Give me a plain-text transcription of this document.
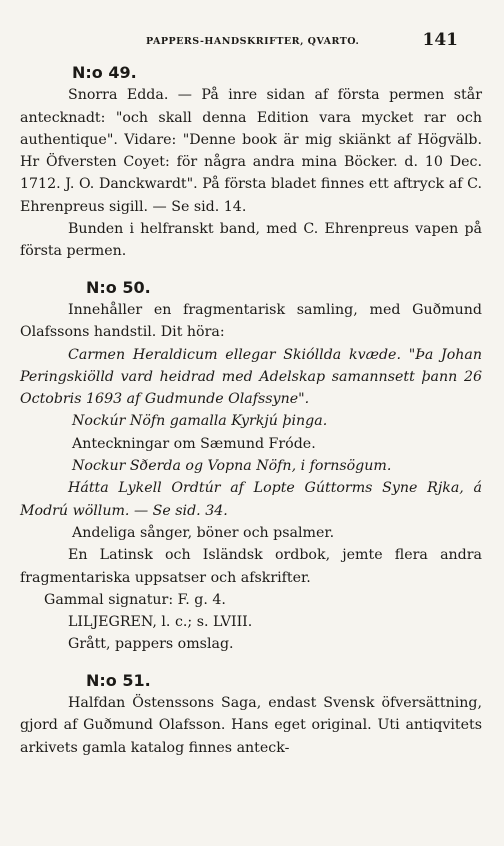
PAPPERS-HANDSKRIFTER, QVARTO.	141
N:o 49.

Snorra Edda. — På inre sidan af första permen står antecknadt: "och skall denna Edition vara mycket rar och authentique". Vidare: "Denne book är mig skiänkt af Högvälb. Hr Öfversten Coyet: för några andra mina Böcker. d. 10 Dec. 1712. J. O. Danckwardt". På första bladet finnes ett aftryck af C. Ehrenpreus sigill. — Se sid. 14.

Bunden i helfranskt band, med C. Ehrenpreus vapen på första permen.

N:o 50.

Innehåller en fragmentarisk samling, med Guðmund Olafssons handstil. Dit höra:

Carmen Heraldicum ellegar Skióllda kvæde. "Þa Johan Peringskiölld vard heidrad med Adelskap samannsett þann 26 Octobris 1693 af Gudmunde Olafssyne".

Nockúr Nöfn gamalla Kyrkjú þinga.

Anteckningar om Sæmund Fróde.

Nockur Sðerda og Vopna Nöfn, i fornsögum.

Hátta Lykell Ordtúr af Lopte Gúttorms Syne Rjka, á Modrú wöllum. — Se sid. 34.

Andeliga sånger, böner och psalmer.

En Latinsk och Isländsk ordbok, jemte flera andra fragmentariska uppsatser och afskrifter.

Gammal signatur: F. g. 4.

LILJEGREN, l. c.; s. LVIII.

Grått, pappers omslag.

N:o 51.

Halfdan Östenssons Saga, endast Svensk öfversättning, gjord af Guðmund Olafsson. Hans eget original. Uti antiqvitets arkivets gamla katalog finnes anteck-
